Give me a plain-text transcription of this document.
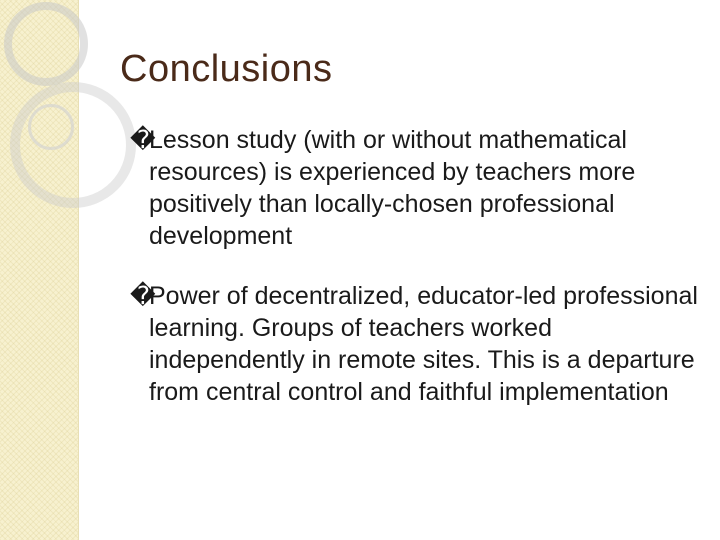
Conclusions
�Lesson study (with or without mathematical resources) is experienced by teachers more positively than locally-chosen professional development
�Power of decentralized, educator-led professional learning. Groups of teachers worked independently in remote sites. This is a departure from central control and faithful implementation
